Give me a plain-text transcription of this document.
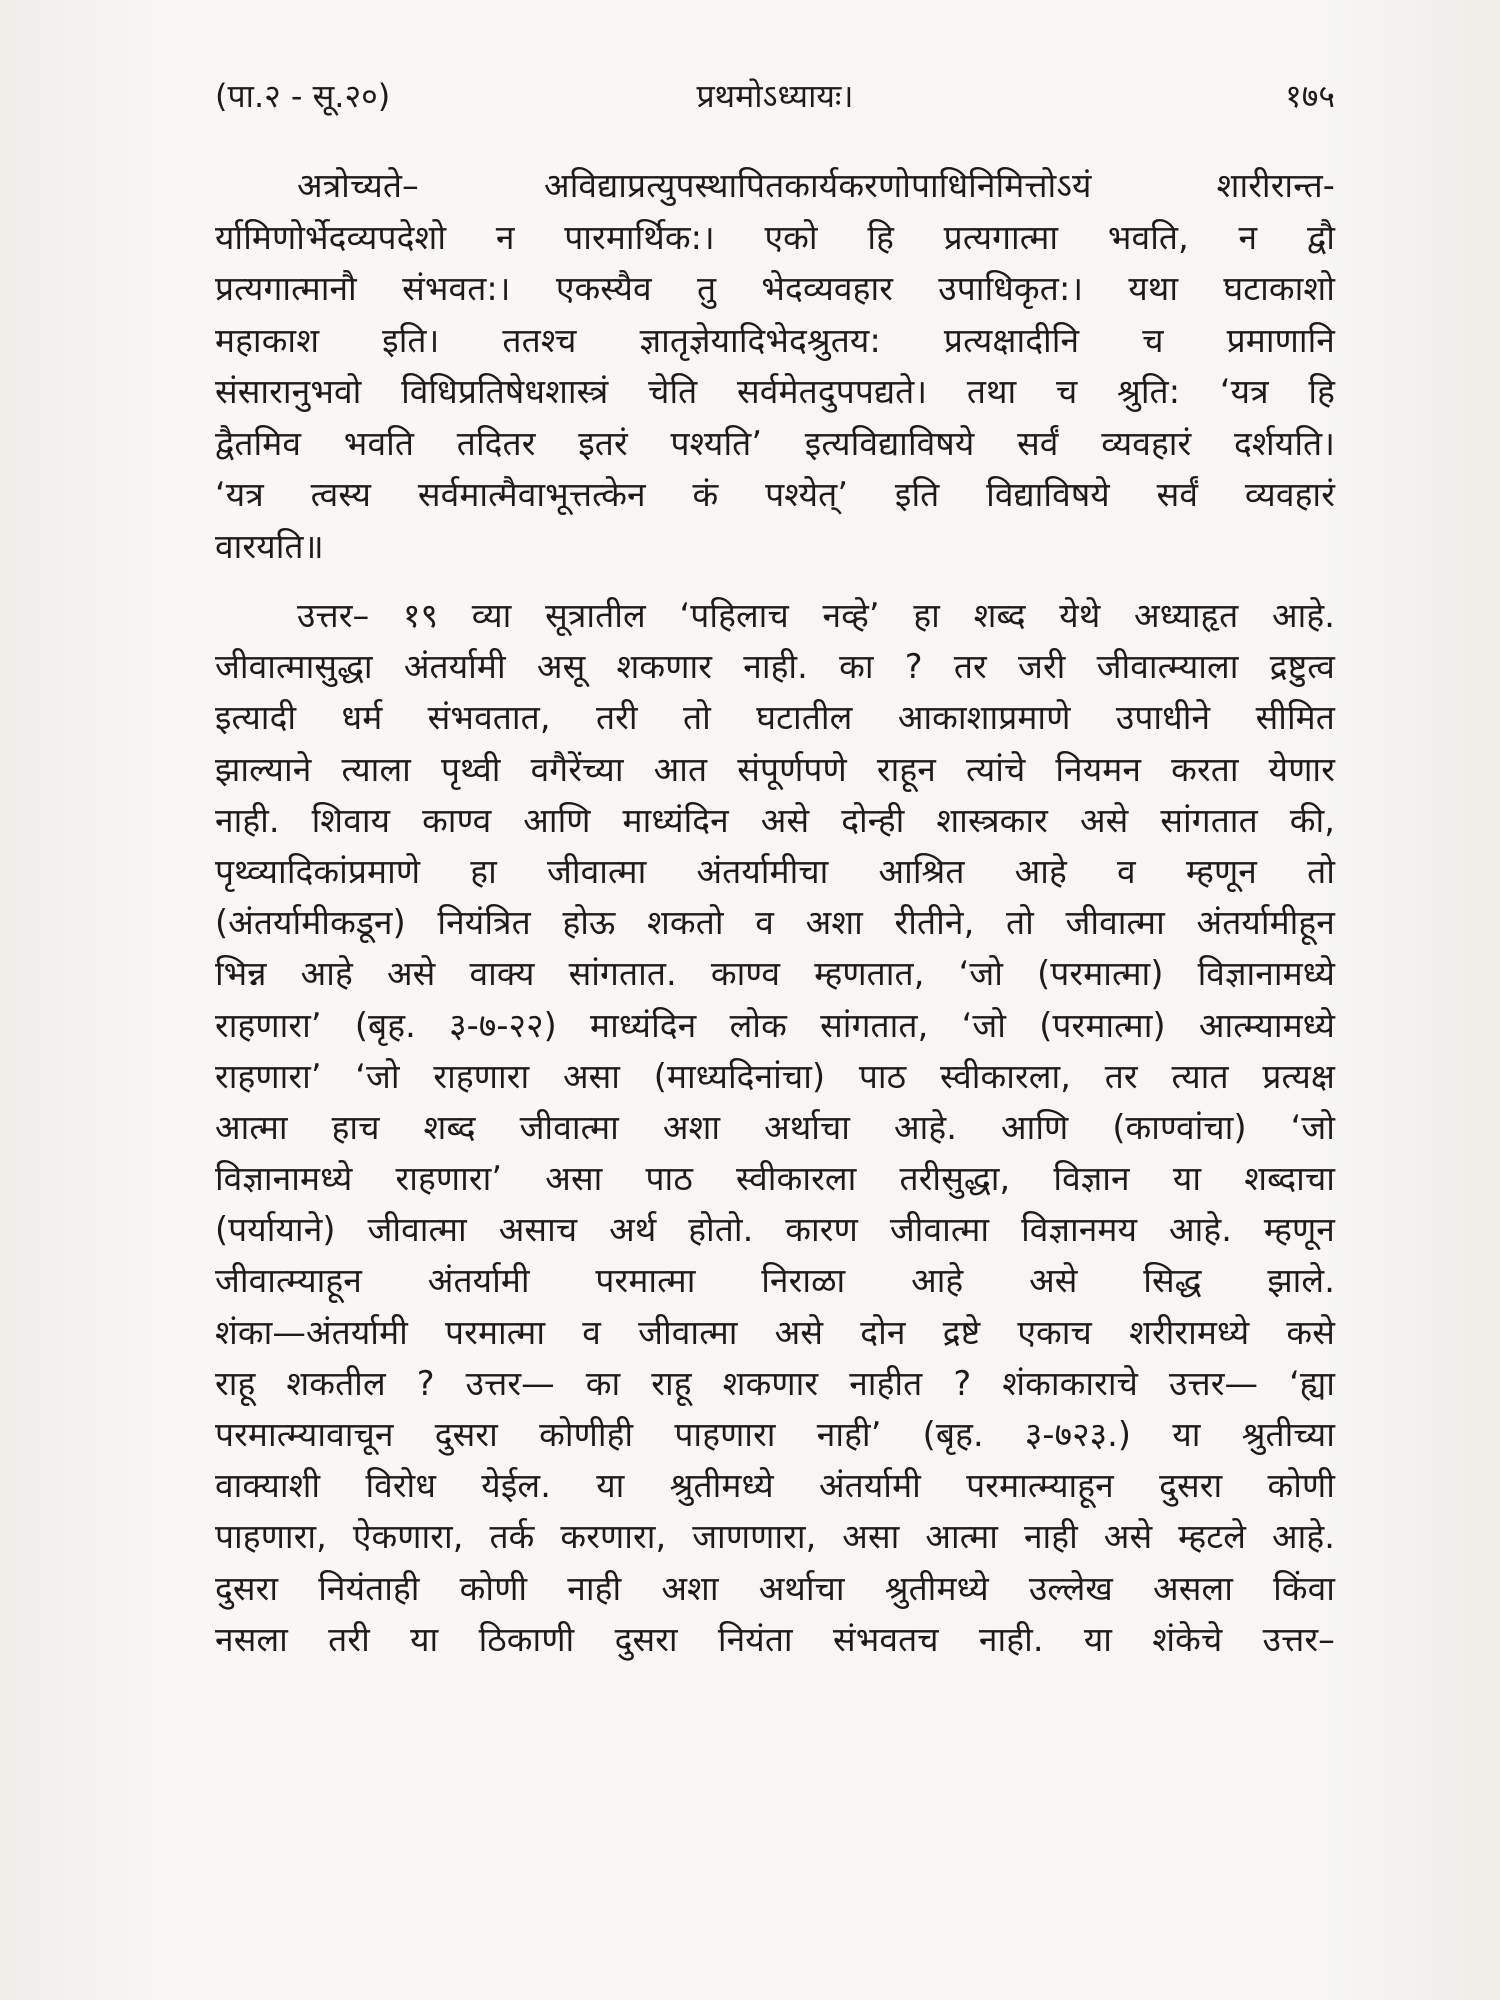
(पा.२ - सू.२०)	प्रथमोऽध्यायः।	१७५
अत्रोच्यते– अविद्याप्रत्युपस्थापितकार्यकरणोपाधिनिमित्तोऽयं शारीरान्त-
र्यामिणोर्भेदव्यपदेशो न पारमार्थिक:। एको हि प्रत्यगात्मा भवति, न द्वौ
प्रत्यगात्मानौ संभवत:। एकस्यैव तु भेदव्यवहार उपाधिकृत:। यथा घटाकाशो
महाकाश इति। ततश्च ज्ञातृज्ञेयादिभेदश्रुतय: प्रत्यक्षादीनि च प्रमाणानि
संसारानुभवो विधिप्रतिषेधशास्त्रं चेति सर्वमेतदुपपद्यते। तथा च श्रुति: ‘यत्र हि
द्वैतमिव भवति तदितर इतरं पश्यति’ इत्यविद्याविषये सर्वं व्यवहारं दर्शयति।
‘यत्र त्वस्य सर्वमात्मैवाभूत्तत्केन कं पश्येत्’ इति विद्याविषये सर्वं व्यवहारं
वारयति॥
उत्तर– १९ व्या सूत्रातील ‘पहिलाच नव्हे’ हा शब्द येथे अध्याहृत आहे.
जीवात्मासुद्धा अंतर्यामी असू शकणार नाही. का ? तर जरी जीवात्म्याला द्रष्टुत्व
इत्यादी धर्म संभवतात, तरी तो घटातील आकाशाप्रमाणे उपाधीने सीमित
झाल्याने त्याला पृथ्वी वगैरेंच्या आत संपूर्णपणे राहून त्यांचे नियमन करता येणार
नाही. शिवाय काण्व आणि माध्यंदिन असे दोन्ही शास्त्रकार असे सांगतात की,
पृथ्व्यादिकांप्रमाणे हा जीवात्मा अंतर्यामीचा आश्रित आहे व म्हणून तो
(अंतर्यामीकडून) नियंत्रित होऊ शकतो व अशा रीतीने, तो जीवात्मा अंतर्यामीहून
भिन्न आहे असे वाक्य सांगतात. काण्व म्हणतात, ‘जो (परमात्मा) विज्ञानामध्ये
राहणारा’ (बृह. ३-७-२२) माध्यंदिन लोक सांगतात, ‘जो (परमात्मा) आत्म्यामध्ये
राहणारा’ ‘जो राहणारा असा (माध्यदिनांचा) पाठ स्वीकारला, तर त्यात प्रत्यक्ष
आत्मा हाच शब्द जीवात्मा अशा अर्थाचा आहे. आणि (काण्वांचा) ‘जो
विज्ञानामध्ये राहणारा’ असा पाठ स्वीकारला तरीसुद्धा, विज्ञान या शब्दाचा
(पर्यायाने) जीवात्मा असाच अर्थ होतो. कारण जीवात्मा विज्ञानमय आहे. म्हणून
जीवात्म्याहून अंतर्यामी परमात्मा निराळा आहे असे सिद्ध झाले.
शंका—अंतर्यामी परमात्मा व जीवात्मा असे दोन द्रष्टे एकाच शरीरामध्ये कसे
राहू शकतील ? उत्तर— का राहू शकणार नाहीत ? शंकाकाराचे उत्तर— ‘ह्या
परमात्म्यावाचून दुसरा कोणीही पाहणारा नाही’ (बृह. ३-७२३.) या श्रुतीच्या
वाक्याशी विरोध येईल. या श्रुतीमध्ये अंतर्यामी परमात्म्याहून दुसरा कोणी
पाहणारा, ऐकणारा, तर्क करणारा, जाणणारा, असा आत्मा नाही असे म्हटले आहे.
दुसरा नियंताही कोणी नाही अशा अर्थाचा श्रुतीमध्ये उल्लेख असला किंवा
नसला तरी या ठिकाणी दुसरा नियंता संभवतच नाही. या शंकेचे उत्तर–
